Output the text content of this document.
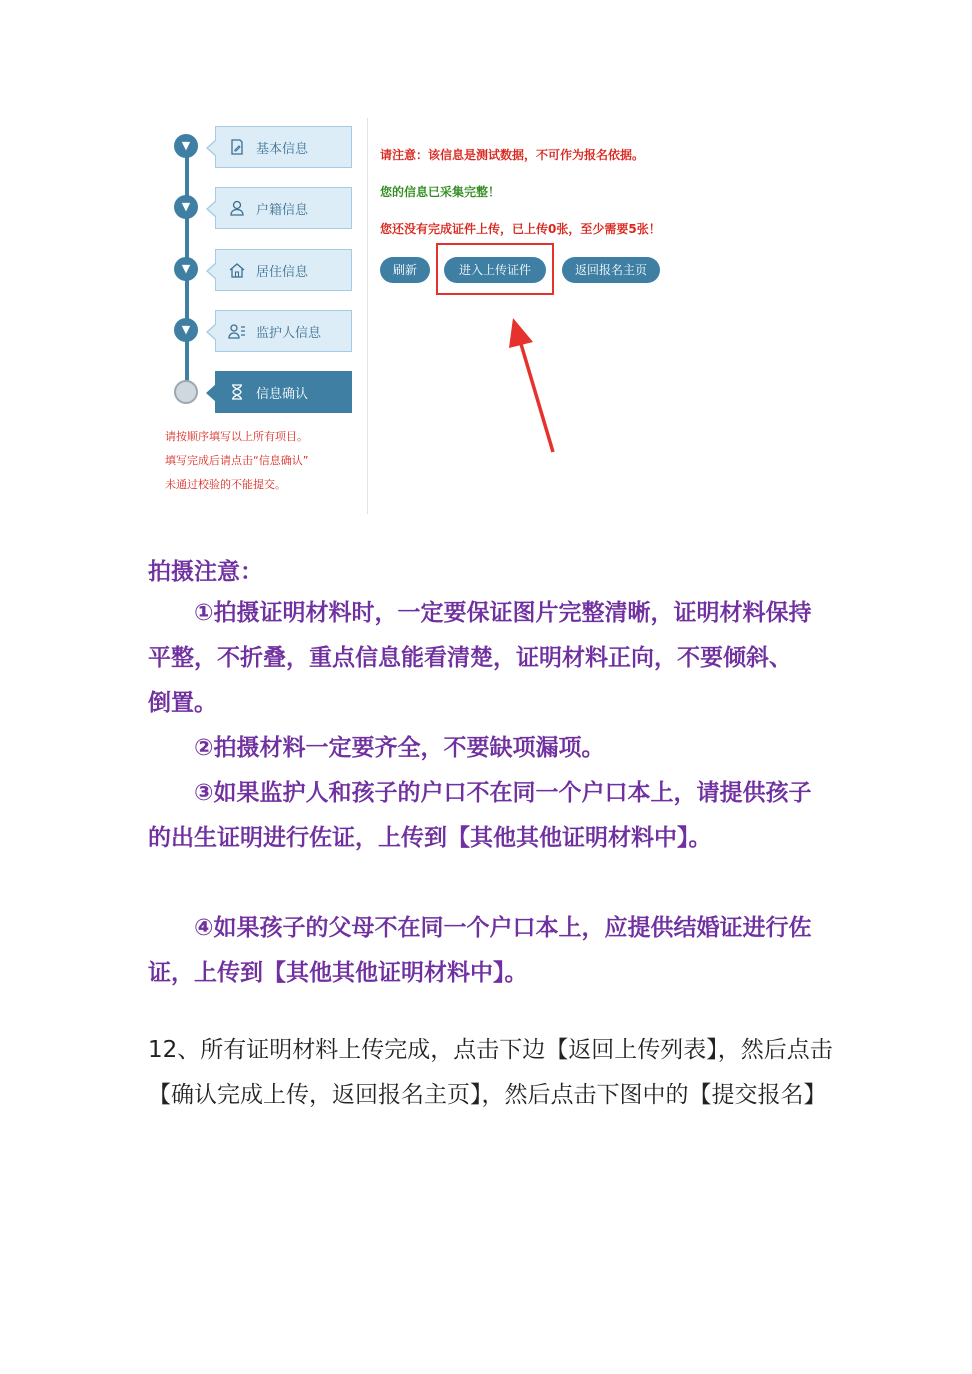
▼
▼
▼
▼
基本信息
户籍信息
居住信息
监护人信息
信息确认
请按顺序填写以上所有项目。
填写完成后请点击“信息确认”
未通过校验的不能提交。
请注意：该信息是测试数据，不可作为报名依据。
您的信息已采集完整！
您还没有完成证件上传，已上传0张，至少需要5张！
刷新	进入上传证件	返回报名主页
拍摄注意：
①拍摄证明材料时，一定要保证图片完整清晰，证明材料保持平整，不折叠，重点信息能看清楚，证明材料正向，不要倾斜、倒置。
②拍摄材料一定要齐全，不要缺项漏项。
③如果监护人和孩子的户口不在同一个户口本上，请提供孩子的出生证明进行佐证，上传到【其他其他证明材料中】。
④如果孩子的父母不在同一个户口本上，应提供结婚证进行佐证，上传到【其他其他证明材料中】。
12、所有证明材料上传完成，点击下边【返回上传列表】，然后点击【确认完成上传，返回报名主页】，然后点击下图中的【提交报名】
